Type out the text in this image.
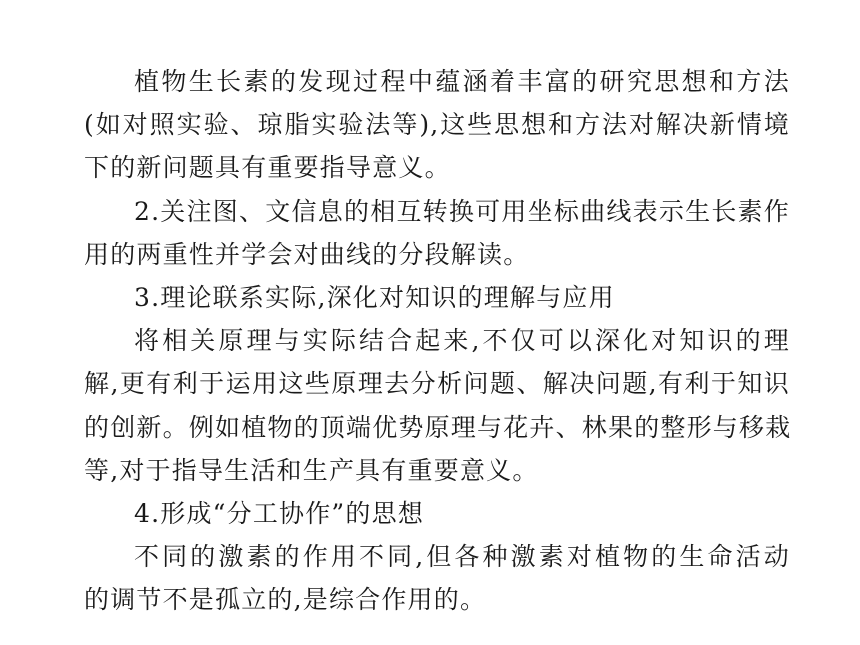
植物生长素的发现过程中蕴涵着丰富的研究思想和方法
(如对照实验、琼脂实验法等),这些思想和方法对解决新情境
下的新问题具有重要指导意义。
2.关注图、文信息的相互转换可用坐标曲线表示生长素作
用的两重性并学会对曲线的分段解读。
3.理论联系实际,深化对知识的理解与应用
将相关原理与实际结合起来,不仅可以深化对知识的理
解,更有利于运用这些原理去分析问题、解决问题,有利于知识
的创新。例如植物的顶端优势原理与花卉、林果的整形与移栽
等,对于指导生活和生产具有重要意义。
4.形成“分工协作”的思想
不同的激素的作用不同,但各种激素对植物的生命活动
的调节不是孤立的,是综合作用的。
